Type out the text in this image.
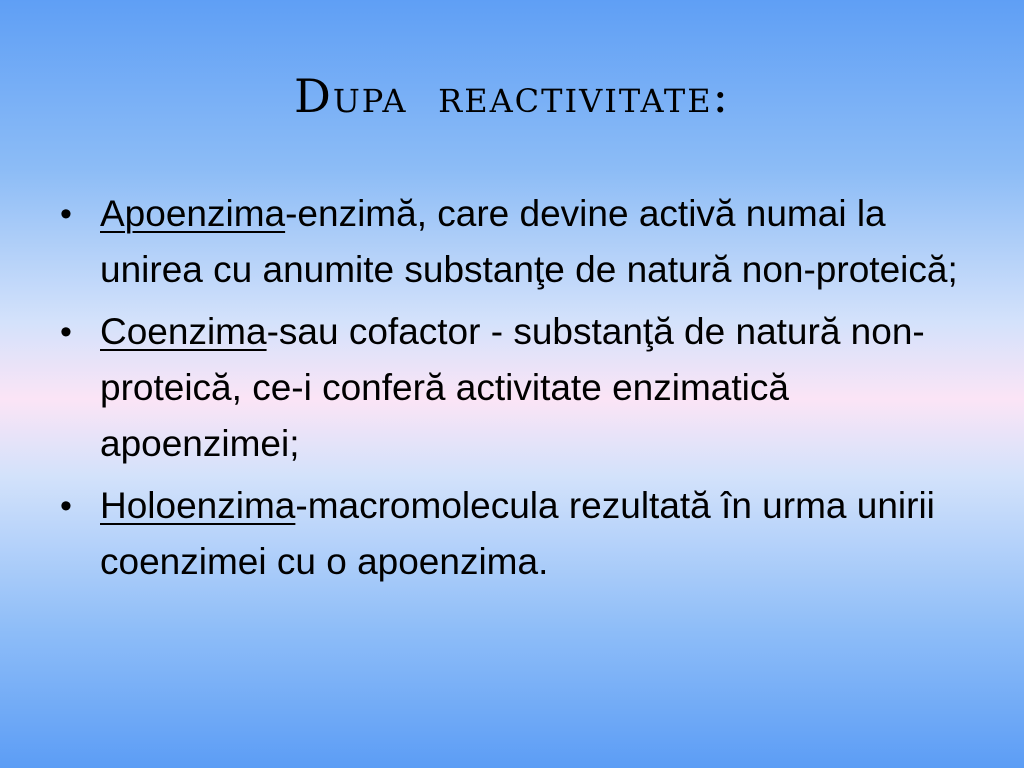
Dupa reactivitate:
• Apoenzima-enzimă, care devine activă numai la unirea cu anumite substanţe de natură non-proteică;
• Coenzima-sau cofactor - substanţă de natură non-proteică, ce-i conferă activitate enzimatică apoenzimei;
• Holoenzima-macromolecula rezultată în urma unirii coenzimei cu o apoenzima.
